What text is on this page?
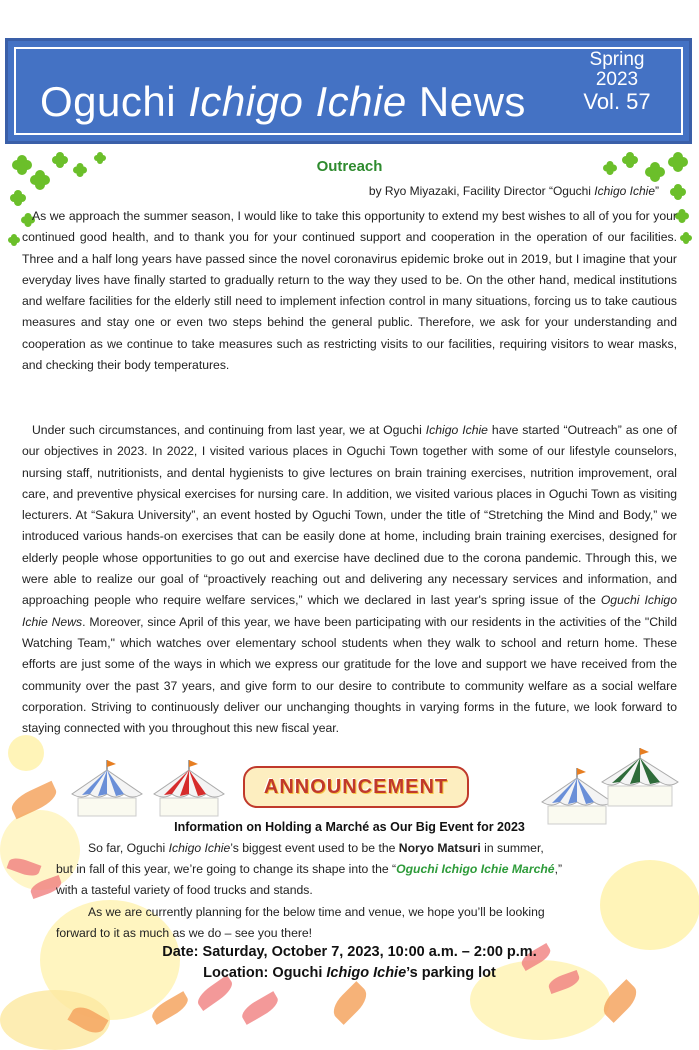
Oguchi Ichigo Ichie News
Spring
2023
Vol. 57
Outreach
by Ryo Miyazaki, Facility Director “Oguchi Ichigo Ichie”
As we approach the summer season, I would like to take this opportunity to extend my best wishes to all of you for your continued good health, and to thank you for your continued support and cooperation in the operation of our facilities. Three and a half long years have passed since the novel coronavirus epidemic broke out in 2019, but I imagine that your everyday lives have finally started to gradually return to the way they used to be. On the other hand, medical institutions and welfare facilities for the elderly still need to implement infection control in many situations, forcing us to take cautious measures and stay one or even two steps behind the general public. Therefore, we ask for your understanding and cooperation as we continue to take measures such as restricting visits to our facilities, requiring visitors to wear masks, and checking their body temperatures.
Under such circumstances, and continuing from last year, we at Oguchi Ichigo Ichie have started “Outreach” as one of our objectives in 2023. In 2022, I visited various places in Oguchi Town together with some of our lifestyle counselors, nursing staff, nutritionists, and dental hygienists to give lectures on brain training exercises, nutrition improvement, oral care, and preventive physical exercises for nursing care. In addition, we visited various places in Oguchi Town as visiting lecturers. At “Sakura University”, an event hosted by Oguchi Town, under the title of “Stretching the Mind and Body,” we introduced various hands-on exercises that can be easily done at home, including brain training exercises, designed for elderly people whose opportunities to go out and exercise have declined due to the corona pandemic. Through this, we were able to realize our goal of “proactively reaching out and delivering any necessary services and information, and approaching people who require welfare services,” which we declared in last year's spring issue of the Oguchi Ichigo Ichie News. Moreover, since April of this year, we have been participating with our residents in the activities of the "Child Watching Team," which watches over elementary school students when they walk to school and return home. These efforts are just some of the ways in which we express our gratitude for the love and support we have received from the community over the past 37 years, and give form to our desire to contribute to community welfare as a social welfare corporation. Striving to continuously deliver our unchanging thoughts in varying forms in the future, we look forward to staying connected with you throughout this new fiscal year.
ANNOUNCEMENT
Information on Holding a Marché as Our Big Event for 2023
So far, Oguchi Ichigo Ichie’s biggest event used to be the Noryo Matsuri in summer,
but in fall of this year, we’re going to change its shape into the “Oguchi Ichigo Ichie Marché,”
with a tasteful variety of food trucks and stands.
As we are currently planning for the below time and venue, we hope you’ll be looking
forward to it as much as we do – see you there!
Date: Saturday, October 7, 2023, 10:00 a.m. – 2:00 p.m.
Location: Oguchi Ichigo Ichie’s parking lot
